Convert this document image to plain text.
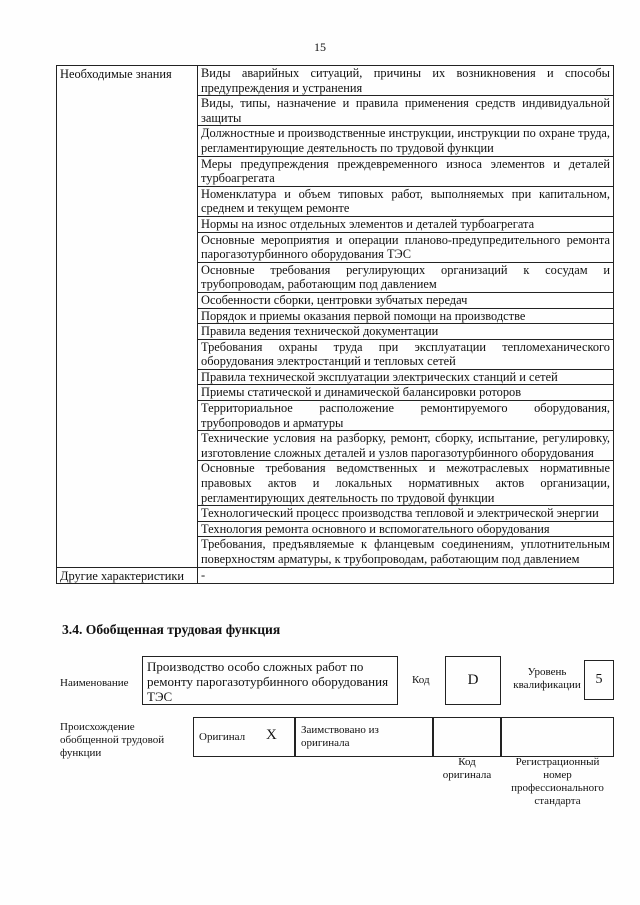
15
Необходимые знания	Виды аварийных ситуаций, причины их возникновения и способы предупреждения и устранения
	Виды, типы, назначение и правила применения средств индивидуальной защиты
	Должностные и производственные инструкции, инструкции по охране труда, регламентирующие деятельность по трудовой функции
	Меры предупреждения преждевременного износа элементов и деталей турбоагрегата
	Номенклатура и объем типовых работ, выполняемых при капитальном, среднем и текущем ремонте
	Нормы на износ отдельных элементов и деталей турбоагрегата
	Основные мероприятия и операции планово-предупредительного ремонта парогазотурбинного оборудования ТЭС
	Основные требования регулирующих организаций к сосудам и трубопроводам, работающим под давлением
	Особенности сборки, центровки зубчатых передач
	Порядок и приемы оказания первой помощи на производстве
	Правила ведения технической документации
	Требования охраны труда при эксплуатации тепломеханического оборудования электростанций и тепловых сетей
	Правила технической эксплуатации электрических станций и сетей
	Приемы статической и динамической балансировки роторов
	Территориальное расположение ремонтируемого оборудования, трубопроводов и арматуры
	Технические условия на разборку, ремонт, сборку, испытание, регулировку, изготовление сложных деталей и узлов парогазотурбинного оборудования
	Основные требования ведомственных и межотраслевых нормативные правовых актов и локальных нормативных актов организации, регламентирующих деятельность по трудовой функции
	Технологический процесс производства тепловой и электрической энергии
	Технология ремонта основного и вспомогательного оборудования
	Требования, предъявляемые к фланцевым соединениям, уплотнительным поверхностям арматуры, к трубопроводам, работающим под давлением
Другие характеристики	-
3.4. Обобщенная трудовая функция
Наименование
Производство особо сложных работ по ремонту парогазотурбинного оборудования ТЭС
Код	D	Уровень квалификации	5
Происхождение обобщенной трудовой функции
Оригинал X	Заимствовано из оригинала
Код оригинала
Регистрационный номер профессионального стандарта
